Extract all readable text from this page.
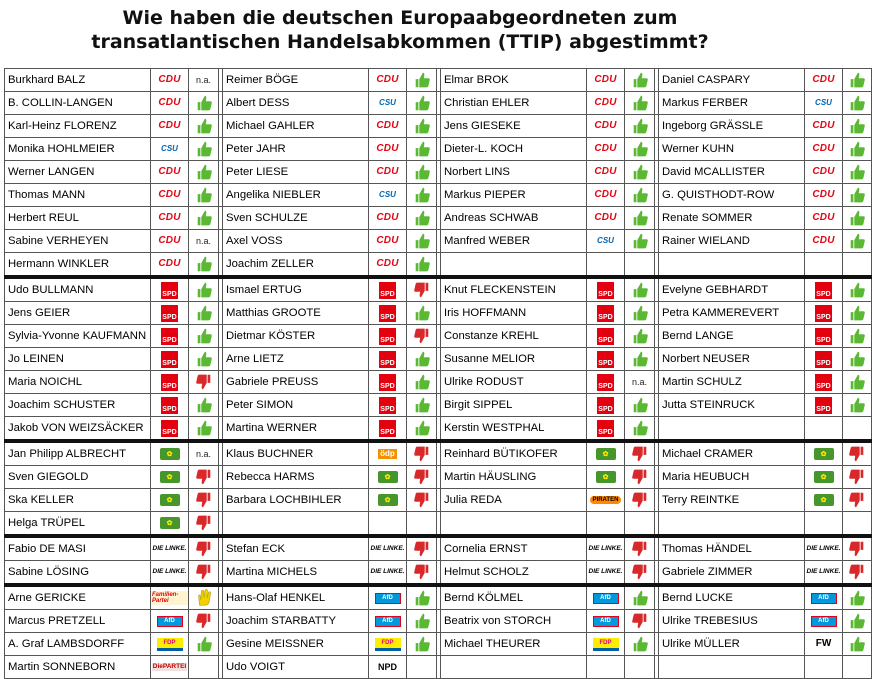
Wie haben die deutschen Europaabgeordneten zum
transatlantischen Handelsabkommen (TTIP) abgestimmt?
Burkhard BALZ	CDU n.a.	Reimer BÖGE	CDU	Elmar BROK	CDU	Daniel CASPARY	CDU
B. COLLIN-LANGEN	CDU	Albert DESS	CSU	Christian EHLER	CDU	Markus FERBER	CSU
Karl-Heinz FLORENZ	CDU	Michael GAHLER	CDU	Jens GIESEKE	CDU	Ingeborg GRÄSSLE	CDU
Monika HOHLMEIER	CSU	Peter JAHR	CDU	Dieter-L. KOCH	CDU	Werner KUHN	CDU
Werner LANGEN	CDU	Peter LIESE	CDU	Norbert LINS	CDU	David MCALLISTER	CDU
Thomas MANN	CDU	Angelika NIEBLER	CSU	Markus PIEPER	CDU	G. QUISTHODT-ROW	CDU
Herbert REUL	CDU	Sven SCHULZE	CDU	Andreas SCHWAB	CDU	Renate SOMMER	CDU
Sabine VERHEYEN	CDU n.a.	Axel VOSS	CDU	Manfred WEBER	CSU	Rainer WIELAND	CDU
Hermann WINKLER	CDU	Joachim ZELLER	CDU
Udo BULLMANN	SPD	Ismael ERTUG	SPD	Knut FLECKENSTEIN	SPD	Evelyne GEBHARDT	SPD
Jens GEIER	SPD	Matthias GROOTE	SPD	Iris HOFFMANN	SPD	Petra KAMMEREVERT	SPD
Sylvia-Yvonne KAUFMANN	SPD	Dietmar KÖSTER	SPD	Constanze KREHL	SPD	Bernd LANGE	SPD
Jo LEINEN	SPD	Arne LIETZ	SPD	Susanne MELIOR	SPD	Norbert NEUSER	SPD
Maria NOICHL	SPD	Gabriele PREUSS	SPD	Ulrike RODUST	SPD n.a.	Martin SCHULZ	SPD
Joachim SCHUSTER	SPD	Peter SIMON	SPD	Birgit SIPPEL	SPD	Jutta STEINRUCK	SPD
Jakob VON WEIZSÄCKER	SPD	Martina WERNER	SPD	Kerstin WESTPHAL	SPD
Jan Philipp ALBRECHT	✿	n.a.	Klaus BUCHNER	ödp	Reinhard BÜTIKOFER	✿	Michael CRAMER	✿
Sven GIEGOLD	✿	Rebecca HARMS	✿	Martin HÄUSLING	✿	Maria HEUBUCH	✿
Ska KELLER	✿	Barbara LOCHBIHLER	✿	Julia REDA	PIRATEN	Terry REINTKE	✿
Helga TRÜPEL	✿
Fabio DE MASI	DIE LINKE.	Stefan ECK	DIE LINKE.	Cornelia ERNST	DIE LINKE.	Thomas HÄNDEL	DIE LINKE.
Sabine LÖSING	DIE LINKE.	Martina MICHELS	DIE LINKE.	Helmut SCHOLZ	DIE LINKE.	Gabriele ZIMMER	DIE LINKE.
Arne GERICKE	Familien-Partei	Hans-Olaf HENKEL	AfD	Bernd KÖLMEL	AfD	Bernd LUCKE	AfD
Marcus PRETZELL	AfD	Joachim STARBATTY	AfD	Beatrix von STORCH	AfD	Ulrike TREBESIUS	AfD
A. Graf LAMBSDORFF	FDP	Gesine MEISSNER	FDP	Michael THEURER	FDP	Ulrike MÜLLER	FW
Martin SONNEBORN	DiePARTEI	Udo VOIGT	NPD
